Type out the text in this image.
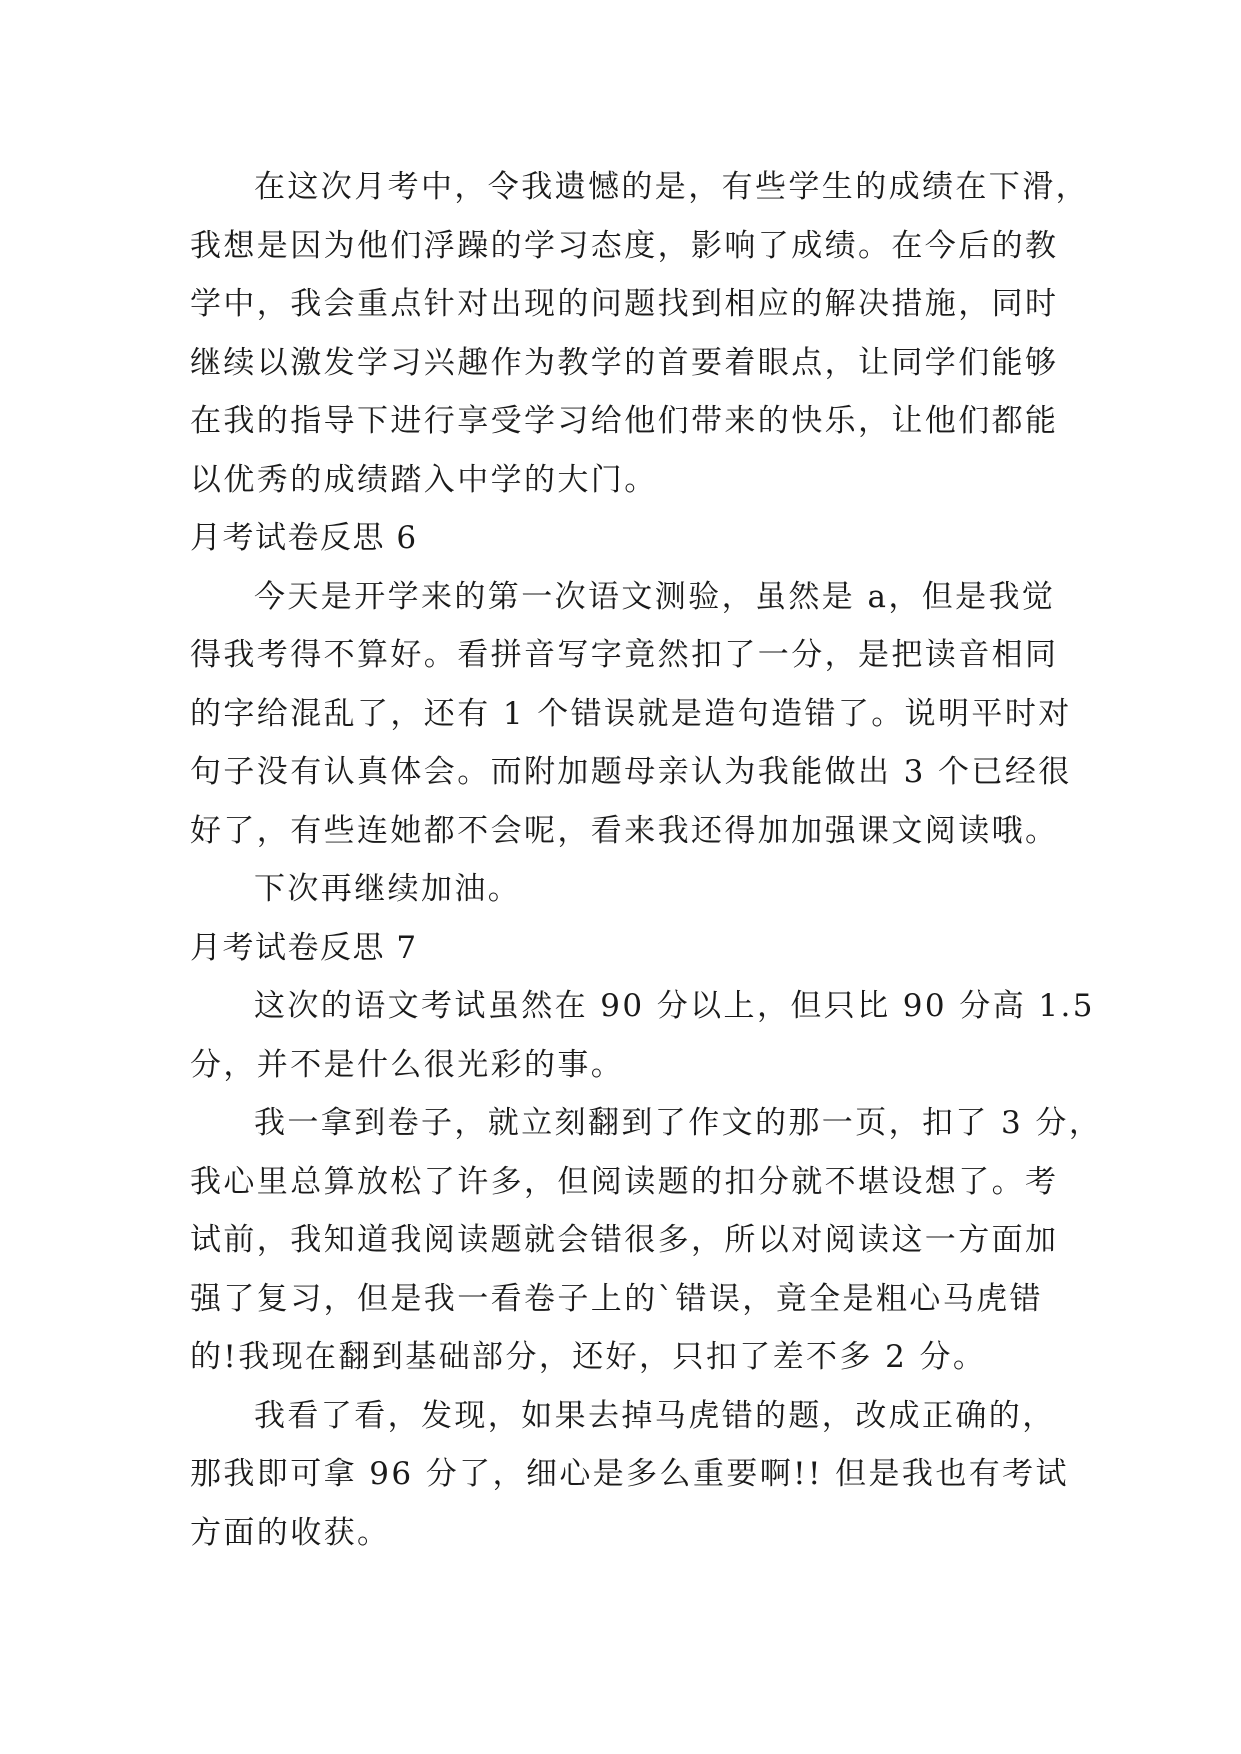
在这次月考中，令我遗憾的是，有些学生的成绩在下滑，
我想是因为他们浮躁的学习态度，影响了成绩。在今后的教
学中，我会重点针对出现的问题找到相应的解决措施，同时
继续以激发学习兴趣作为教学的首要着眼点，让同学们能够
在我的指导下进行享受学习给他们带来的快乐，让他们都能
以优秀的成绩踏入中学的大门。
月考试卷反思 6
今天是开学来的第一次语文测验，虽然是 a，但是我觉
得我考得不算好。看拼音写字竟然扣了一分，是把读音相同
的字给混乱了，还有 1 个错误就是造句造错了。说明平时对
句子没有认真体会。而附加题母亲认为我能做出 3 个已经很
好了，有些连她都不会呢，看来我还得加加强课文阅读哦。
下次再继续加油。
月考试卷反思 7
这次的语文考试虽然在 90 分以上，但只比 90 分高 1.5
分，并不是什么很光彩的事。
我一拿到卷子，就立刻翻到了作文的那一页，扣了 3 分，
我心里总算放松了许多，但阅读题的扣分就不堪设想了。考
试前，我知道我阅读题就会错很多，所以对阅读这一方面加
强了复习，但是我一看卷子上的`错误，竟全是粗心马虎错
的!我现在翻到基础部分，还好，只扣了差不多 2 分。
我看了看，发现，如果去掉马虎错的题，改成正确的，
那我即可拿 96 分了，细心是多么重要啊!! 但是我也有考试
方面的收获。
